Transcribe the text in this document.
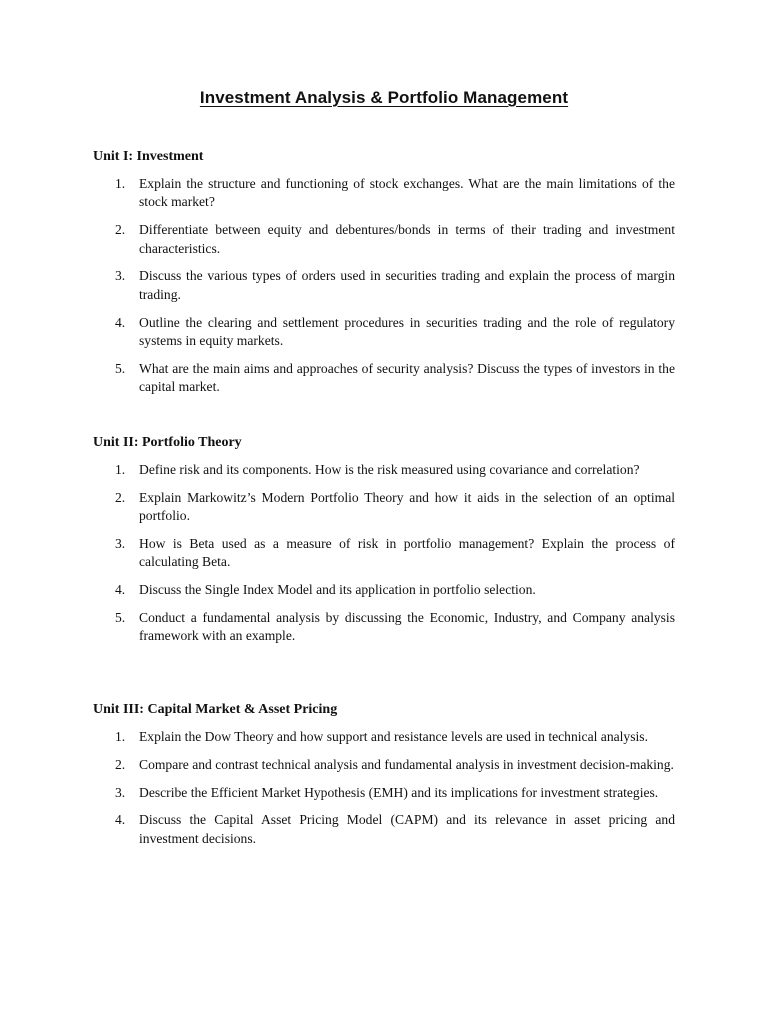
Investment Analysis & Portfolio Management
Unit I: Investment
1. Explain the structure and functioning of stock exchanges. What are the main limitations of the stock market?
2. Differentiate between equity and debentures/bonds in terms of their trading and investment characteristics.
3. Discuss the various types of orders used in securities trading and explain the process of margin trading.
4. Outline the clearing and settlement procedures in securities trading and the role of regulatory systems in equity markets.
5. What are the main aims and approaches of security analysis? Discuss the types of investors in the capital market.
Unit II: Portfolio Theory
1. Define risk and its components. How is the risk measured using covariance and correlation?
2. Explain Markowitz’s Modern Portfolio Theory and how it aids in the selection of an optimal portfolio.
3. How is Beta used as a measure of risk in portfolio management? Explain the process of calculating Beta.
4. Discuss the Single Index Model and its application in portfolio selection.
5. Conduct a fundamental analysis by discussing the Economic, Industry, and Company analysis framework with an example.
Unit III: Capital Market & Asset Pricing
1. Explain the Dow Theory and how support and resistance levels are used in technical analysis.
2. Compare and contrast technical analysis and fundamental analysis in investment decision-making.
3. Describe the Efficient Market Hypothesis (EMH) and its implications for investment strategies.
4. Discuss the Capital Asset Pricing Model (CAPM) and its relevance in asset pricing and investment decisions.
